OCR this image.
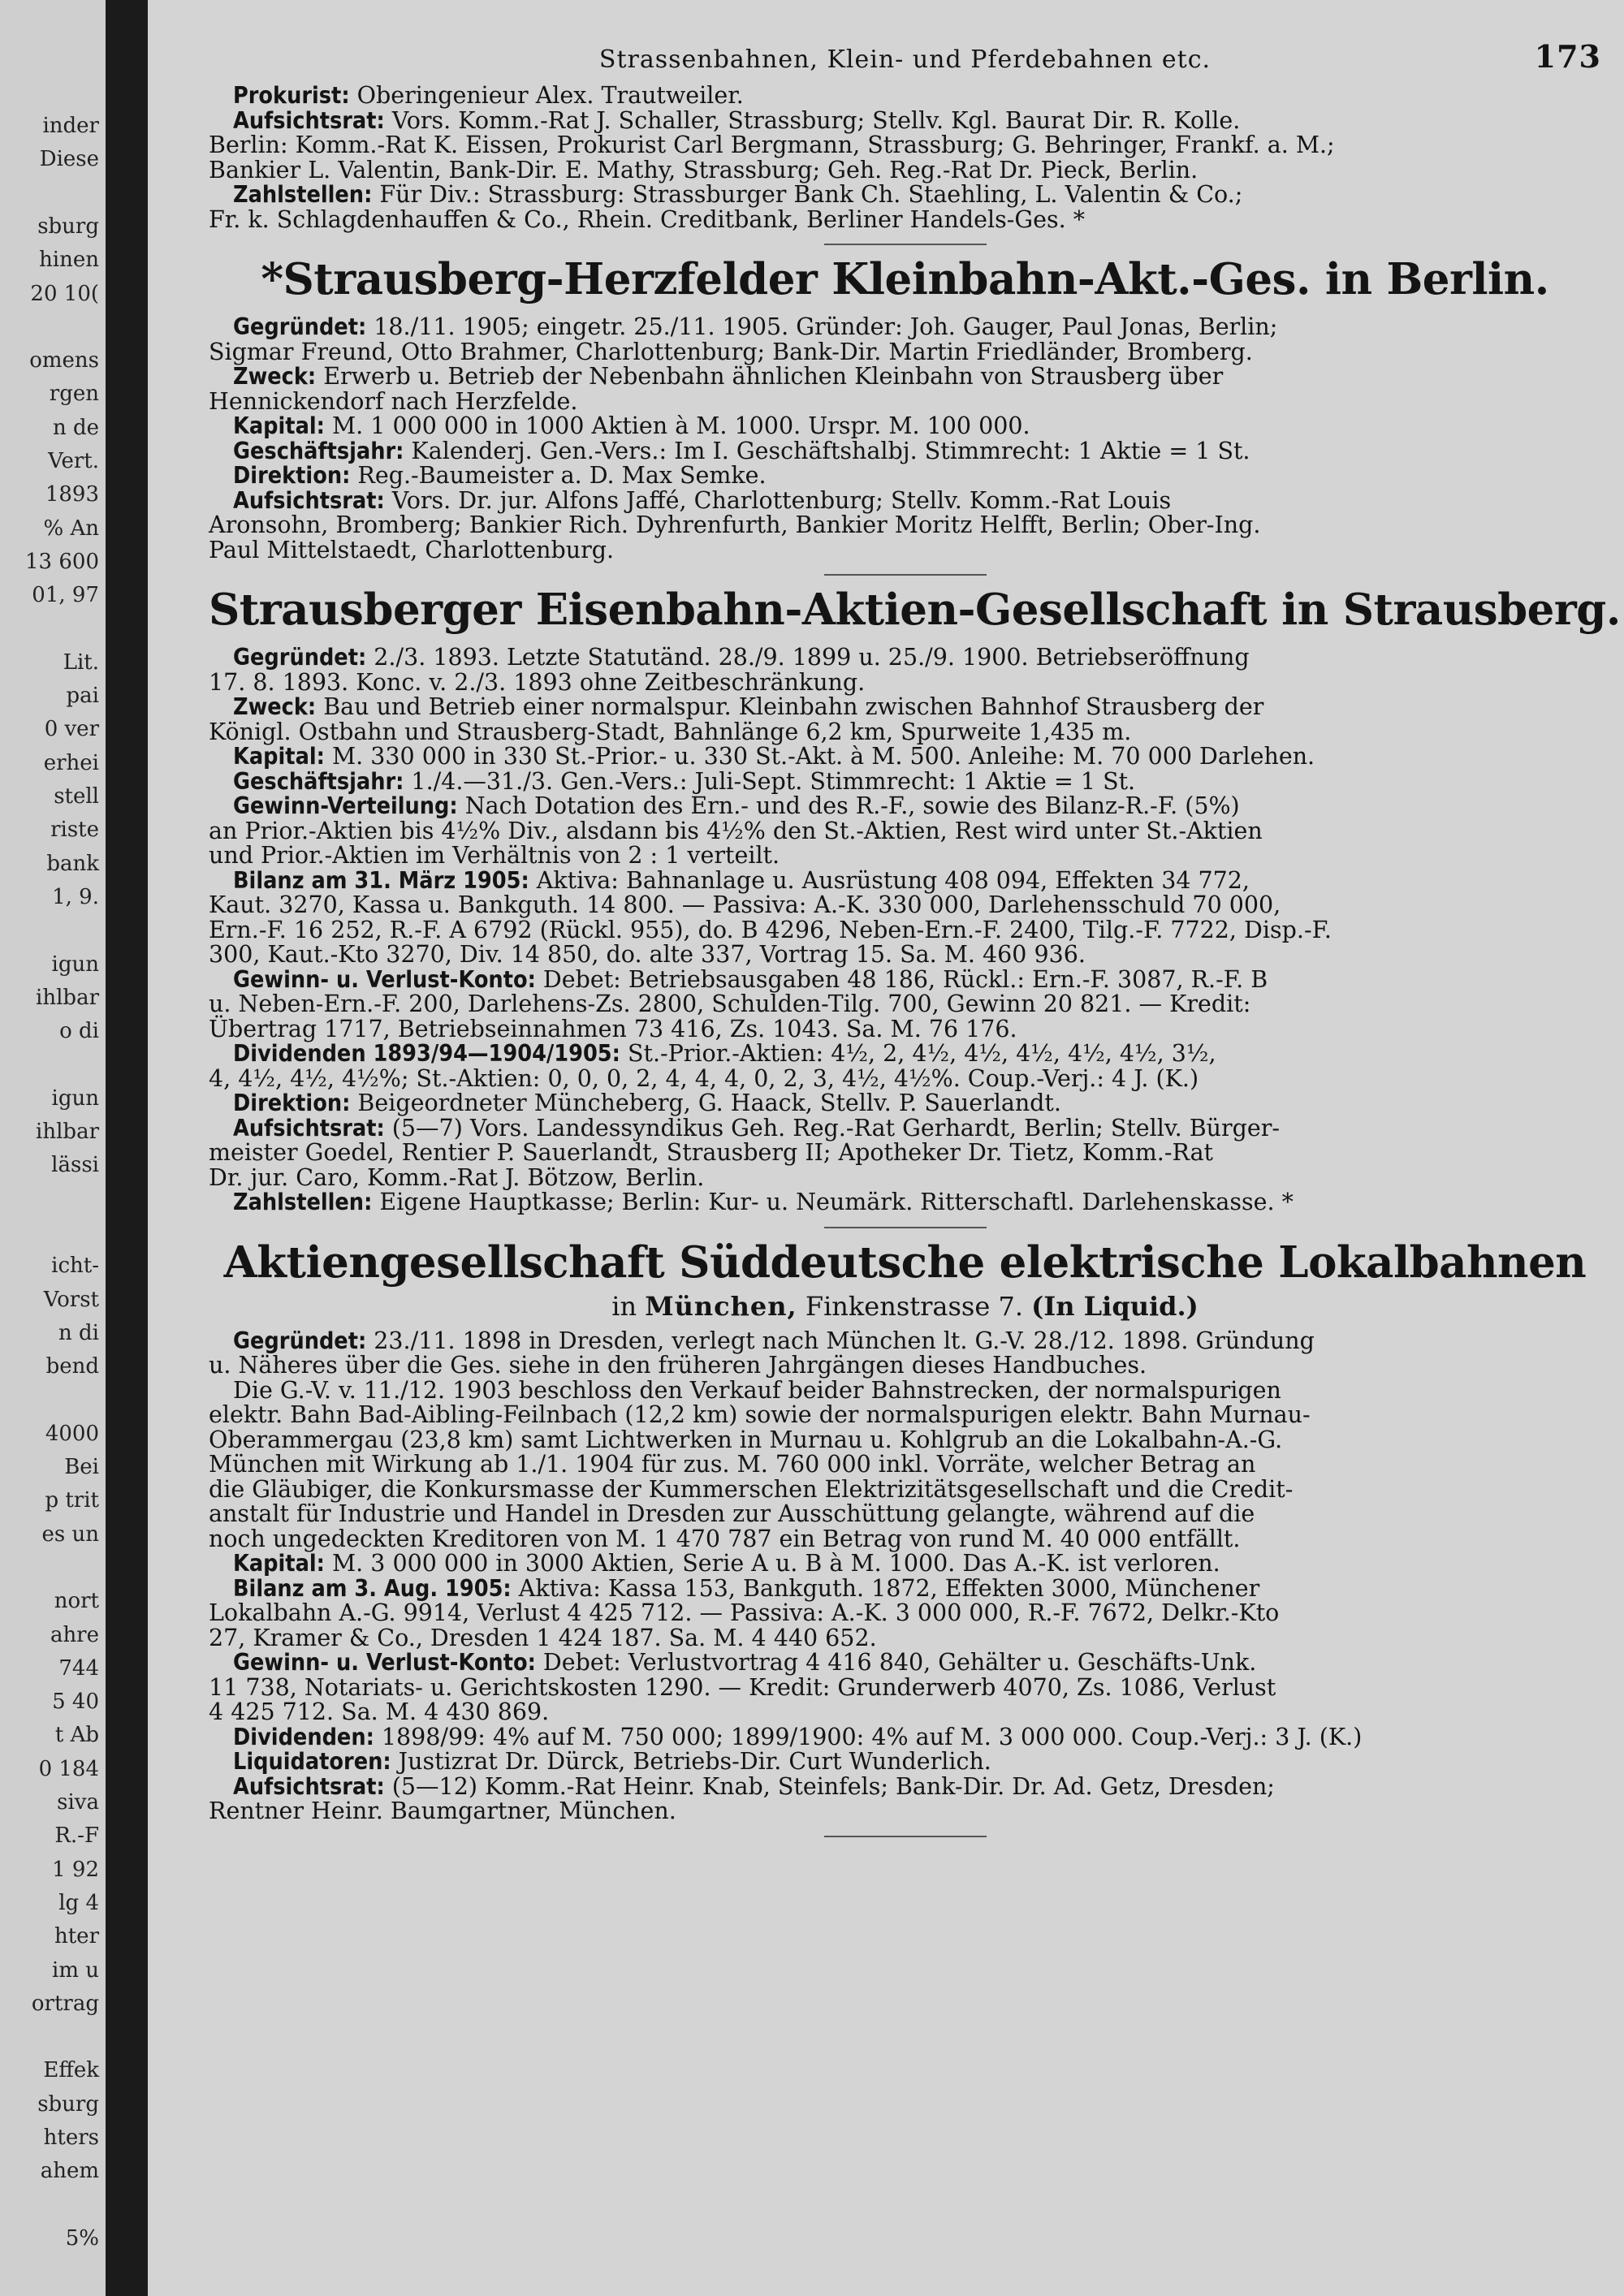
inder
Diese
sburg
hinen
20 10(
omens
rgen
n de
Vert.
1893
% An
13 600
01, 97
Lit.
pai
0 ver
erhei
stell
riste
bank
1, 9.
igun
ihlbar
o di
igun
ihlbar
lässi
icht-
Vorst
n di
bend
4000
Bei
p trit
es un
nort
ahre
744
5 40
t Ab
0 184
siva
R.-F
1 92
lg 4
hter
im u
ortrag
Effek
sburg
hters
ahem
5%
Strassenbahnen, Klein- und Pferdebahnen etc.	173

Prokurist: Oberingenieur Alex. Trautweiler.

Aufsichtsrat: Vors. Komm.-Rat J. Schaller, Strassburg; Stellv. Kgl. Baurat Dir. R. Kolle.

Berlin: Komm.-Rat K. Eissen, Prokurist Carl Bergmann, Strassburg; G. Behringer, Frankf. a. M.;

Bankier L. Valentin, Bank-Dir. E. Mathy, Strassburg; Geh. Reg.-Rat Dr. Pieck, Berlin.

Zahlstellen: Für Div.: Strassburg: Strassburger Bank Ch. Staehling, L. Valentin & Co.;

Fr. k. Schlagdenhauffen & Co., Rhein. Creditbank, Berliner Handels-Ges. *

*Strausberg-Herzfelder Kleinbahn-Akt.-Ges. in Berlin.

Gegründet: 18./11. 1905; eingetr. 25./11. 1905. Gründer: Joh. Gauger, Paul Jonas, Berlin;

Sigmar Freund, Otto Brahmer, Charlottenburg; Bank-Dir. Martin Friedländer, Bromberg.

Zweck: Erwerb u. Betrieb der Nebenbahn ähnlichen Kleinbahn von Strausberg über

Hennickendorf nach Herzfelde.

Kapital: M. 1 000 000 in 1000 Aktien à M. 1000. Urspr. M. 100 000.

Geschäftsjahr: Kalenderj. Gen.-Vers.: Im I. Geschäftshalbj. Stimmrecht: 1 Aktie = 1 St.

Direktion: Reg.-Baumeister a. D. Max Semke.

Aufsichtsrat: Vors. Dr. jur. Alfons Jaffé, Charlottenburg; Stellv. Komm.-Rat Louis

Aronsohn, Bromberg; Bankier Rich. Dyhrenfurth, Bankier Moritz Helfft, Berlin; Ober-Ing.

Paul Mittelstaedt, Charlottenburg.

Strausberger Eisenbahn-Aktien-Gesellschaft in Strausberg.

Gegründet: 2./3. 1893. Letzte Statutänd. 28./9. 1899 u. 25./9. 1900. Betriebseröffnung

17. 8. 1893. Konc. v. 2./3. 1893 ohne Zeitbeschränkung.

Zweck: Bau und Betrieb einer normalspur. Kleinbahn zwischen Bahnhof Strausberg der

Königl. Ostbahn und Strausberg-Stadt, Bahnlänge 6,2 km, Spurweite 1,435 m.

Kapital: M. 330 000 in 330 St.-Prior.- u. 330 St.-Akt. à M. 500. Anleihe: M. 70 000 Darlehen.

Geschäftsjahr: 1./4.—31./3. Gen.-Vers.: Juli-Sept. Stimmrecht: 1 Aktie = 1 St.

Gewinn-Verteilung: Nach Dotation des Ern.- und des R.-F., sowie des Bilanz-R.-F. (5%)

an Prior.-Aktien bis 4½% Div., alsdann bis 4½% den St.-Aktien, Rest wird unter St.-Aktien

und Prior.-Aktien im Verhältnis von 2 : 1 verteilt.

Bilanz am 31. März 1905: Aktiva: Bahnanlage u. Ausrüstung 408 094, Effekten 34 772,

Kaut. 3270, Kassa u. Bankguth. 14 800. — Passiva: A.-K. 330 000, Darlehensschuld 70 000,

Ern.-F. 16 252, R.-F. A 6792 (Rückl. 955), do. B 4296, Neben-Ern.-F. 2400, Tilg.-F. 7722, Disp.-F.

300, Kaut.-Kto 3270, Div. 14 850, do. alte 337, Vortrag 15. Sa. M. 460 936.

Gewinn- u. Verlust-Konto: Debet: Betriebsausgaben 48 186, Rückl.: Ern.-F. 3087, R.-F. B

u. Neben-Ern.-F. 200, Darlehens-Zs. 2800, Schulden-Tilg. 700, Gewinn 20 821. — Kredit:

Übertrag 1717, Betriebseinnahmen 73 416, Zs. 1043. Sa. M. 76 176.

Dividenden 1893/94—1904/1905: St.-Prior.-Aktien: 4½, 2, 4½, 4½, 4½, 4½, 4½, 3½,

4, 4½, 4½, 4½%; St.-Aktien: 0, 0, 0, 2, 4, 4, 4, 0, 2, 3, 4½, 4½%. Coup.-Verj.: 4 J. (K.)

Direktion: Beigeordneter Müncheberg, G. Haack, Stellv. P. Sauerlandt.

Aufsichtsrat: (5—7) Vors. Landessyndikus Geh. Reg.-Rat Gerhardt, Berlin; Stellv. Bürger-

meister Goedel, Rentier P. Sauerlandt, Strausberg II; Apotheker Dr. Tietz, Komm.-Rat

Dr. jur. Caro, Komm.-Rat J. Bötzow, Berlin.

Zahlstellen: Eigene Hauptkasse; Berlin: Kur- u. Neumärk. Ritterschaftl. Darlehenskasse. *

Aktiengesellschaft Süddeutsche elektrische Lokalbahnen
in München, Finkenstrasse 7. (In Liquid.)

Gegründet: 23./11. 1898 in Dresden, verlegt nach München lt. G.-V. 28./12. 1898. Gründung

u. Näheres über die Ges. siehe in den früheren Jahrgängen dieses Handbuches.

Die G.-V. v. 11./12. 1903 beschloss den Verkauf beider Bahnstrecken, der normalspurigen

elektr. Bahn Bad-Aibling-Feilnbach (12,2 km) sowie der normalspurigen elektr. Bahn Murnau-

Oberammergau (23,8 km) samt Lichtwerken in Murnau u. Kohlgrub an die Lokalbahn-A.-G.

München mit Wirkung ab 1./1. 1904 für zus. M. 760 000 inkl. Vorräte, welcher Betrag an

die Gläubiger, die Konkursmasse der Kummerschen Elektrizitätsgesellschaft und die Credit-

anstalt für Industrie und Handel in Dresden zur Ausschüttung gelangte, während auf die

noch ungedeckten Kreditoren von M. 1 470 787 ein Betrag von rund M. 40 000 entfällt.

Kapital: M. 3 000 000 in 3000 Aktien, Serie A u. B à M. 1000. Das A.-K. ist verloren.

Bilanz am 3. Aug. 1905: Aktiva: Kassa 153, Bankguth. 1872, Effekten 3000, Münchener

Lokalbahn A.-G. 9914, Verlust 4 425 712. — Passiva: A.-K. 3 000 000, R.-F. 7672, Delkr.-Kto

27, Kramer & Co., Dresden 1 424 187. Sa. M. 4 440 652.

Gewinn- u. Verlust-Konto: Debet: Verlustvortrag 4 416 840, Gehälter u. Geschäfts-Unk.

11 738, Notariats- u. Gerichtskosten 1290. — Kredit: Grunderwerb 4070, Zs. 1086, Verlust

4 425 712. Sa. M. 4 430 869.

Dividenden: 1898/99: 4% auf M. 750 000; 1899/1900: 4% auf M. 3 000 000. Coup.-Verj.: 3 J. (K.)

Liquidatoren: Justizrat Dr. Dürck, Betriebs-Dir. Curt Wunderlich.

Aufsichtsrat: (5—12) Komm.-Rat Heinr. Knab, Steinfels; Bank-Dir. Dr. Ad. Getz, Dresden;

Rentner Heinr. Baumgartner, München.
